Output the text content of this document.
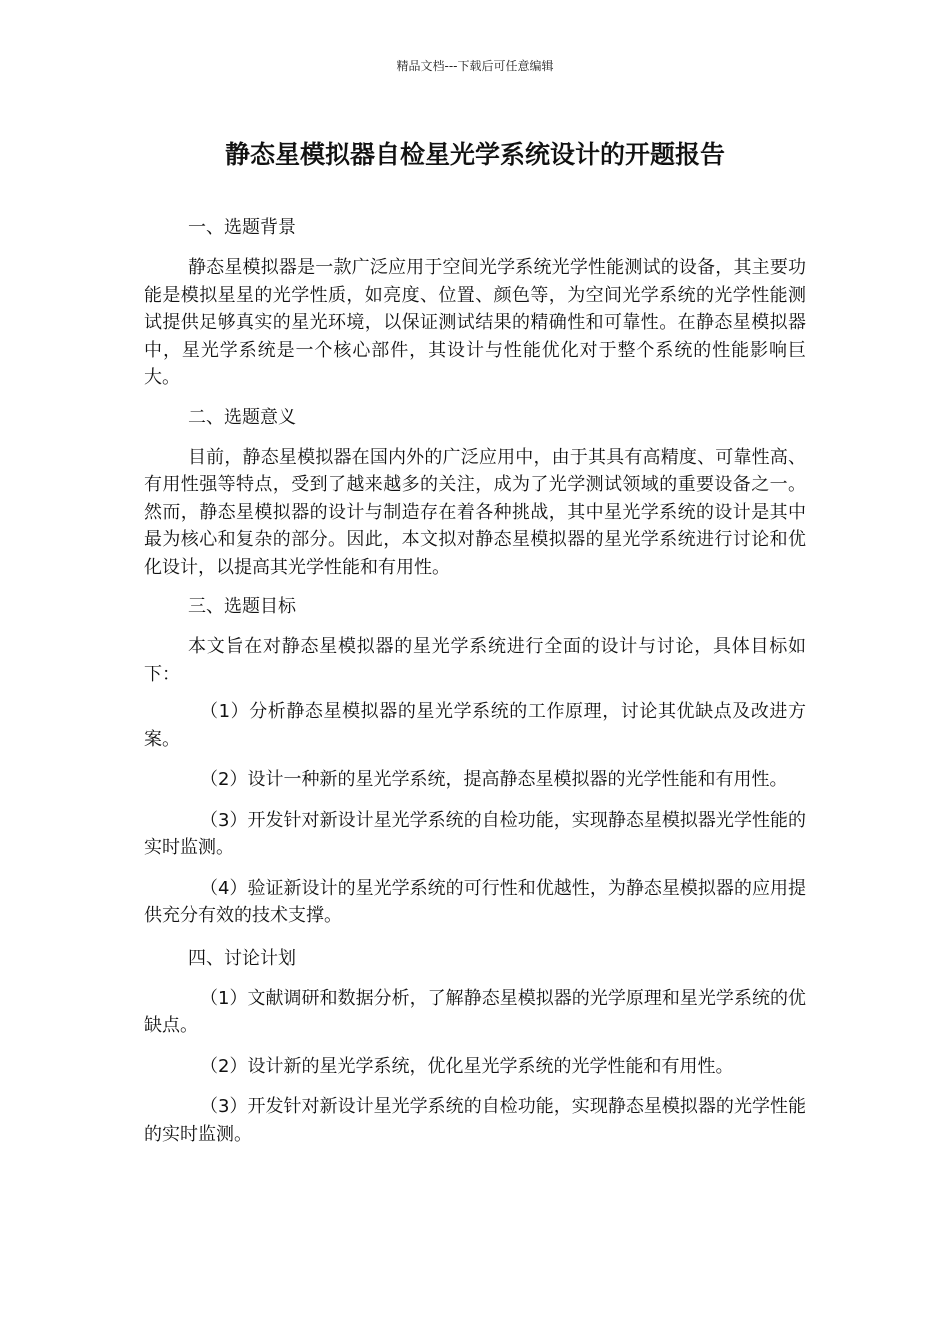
精品文档---下载后可任意编辑
静态星模拟器自检星光学系统设计的开题报告
一、选题背景

静态星模拟器是一款广泛应用于空间光学系统光学性能测试的设备，其主要功能是模拟星星的光学性质，如亮度、位置、颜色等，为空间光学系统的光学性能测试提供足够真实的星光环境，以保证测试结果的精确性和可靠性。在静态星模拟器中，星光学系统是一个核心部件，其设计与性能优化对于整个系统的性能影响巨大。

二、选题意义

目前，静态星模拟器在国内外的广泛应用中，由于其具有高精度、可靠性高、有用性强等特点，受到了越来越多的关注，成为了光学测试领域的重要设备之一。然而，静态星模拟器的设计与制造存在着各种挑战，其中星光学系统的设计是其中最为核心和复杂的部分。因此，本文拟对静态星模拟器的星光学系统进行讨论和优化设计，以提高其光学性能和有用性。

三、选题目标

本文旨在对静态星模拟器的星光学系统进行全面的设计与讨论，具体目标如下：

（1）分析静态星模拟器的星光学系统的工作原理，讨论其优缺点及改进方案。

（2）设计一种新的星光学系统，提高静态星模拟器的光学性能和有用性。

（3）开发针对新设计星光学系统的自检功能，实现静态星模拟器光学性能的实时监测。

（4）验证新设计的星光学系统的可行性和优越性，为静态星模拟器的应用提供充分有效的技术支撑。

四、讨论计划

（1）文献调研和数据分析，了解静态星模拟器的光学原理和星光学系统的优缺点。

（2）设计新的星光学系统，优化星光学系统的光学性能和有用性。

（3）开发针对新设计星光学系统的自检功能，实现静态星模拟器的光学性能的实时监测。
